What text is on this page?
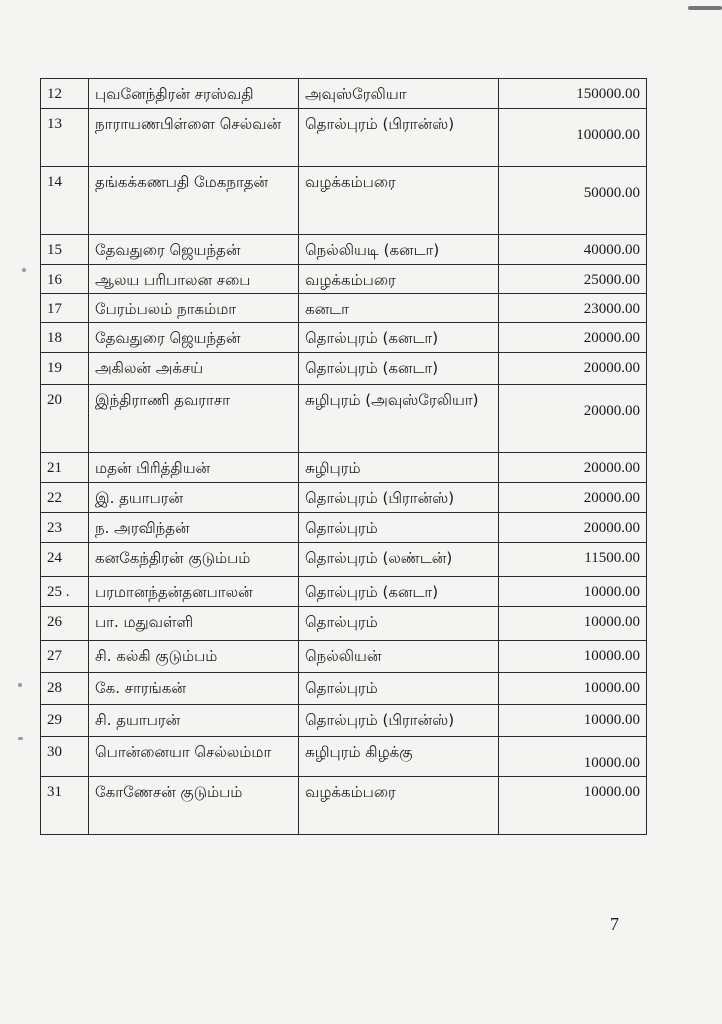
12	புவனேந்திரன் சரஸ்வதி	அவுஸ்ரேலியா	150000.00
13	நாராயணபிள்ளை செல்வன்	தொல்புரம் (பிரான்ஸ்)	100000.00
14	தங்கக்கணபதி மேகநாதன்	வழக்கம்பரை	50000.00
15	தேவதுரை ஜெயந்தன்	நெல்லியடி (கனடா)	40000.00
16	ஆலய பரிபாலன சபை	வழக்கம்பரை	25000.00
17	பேரம்பலம் நாகம்மா	கனடா	23000.00
18	தேவதுரை ஜெயந்தன்	தொல்புரம் (கனடா)	20000.00
19	அகிலன் அக்சய்	தொல்புரம் (கனடா)	20000.00
20	இந்திராணி தவராசா	சுழிபுரம் (அவுஸ்ரேலியா)	20000.00
21	மதன் பிரித்தியன்	சுழிபுரம்	20000.00
22	இ. தயாபரன்	தொல்புரம் (பிரான்ஸ்)	20000.00
23	ந. அரவிந்தன்	தொல்புரம்	20000.00
24	கனகேந்திரன் குடும்பம்	தொல்புரம் (லண்டன்)	11500.00
25 .	பரமானந்தன்தனபாலன்	தொல்புரம் (கனடா)	10000.00
26	பா. மதுவள்ளி	தொல்புரம்	10000.00
27	சி. கல்கி குடும்பம்	நெல்லியன்	10000.00
28	கே. சாரங்கன்	தொல்புரம்	10000.00
29	சி. தயாபரன்	தொல்புரம் (பிரான்ஸ்)	10000.00
30	பொன்னையா செல்லம்மா	சுழிபுரம் கிழக்கு	10000.00
31	கோணேசன் குடும்பம்	வழக்கம்பரை	10000.00
7
